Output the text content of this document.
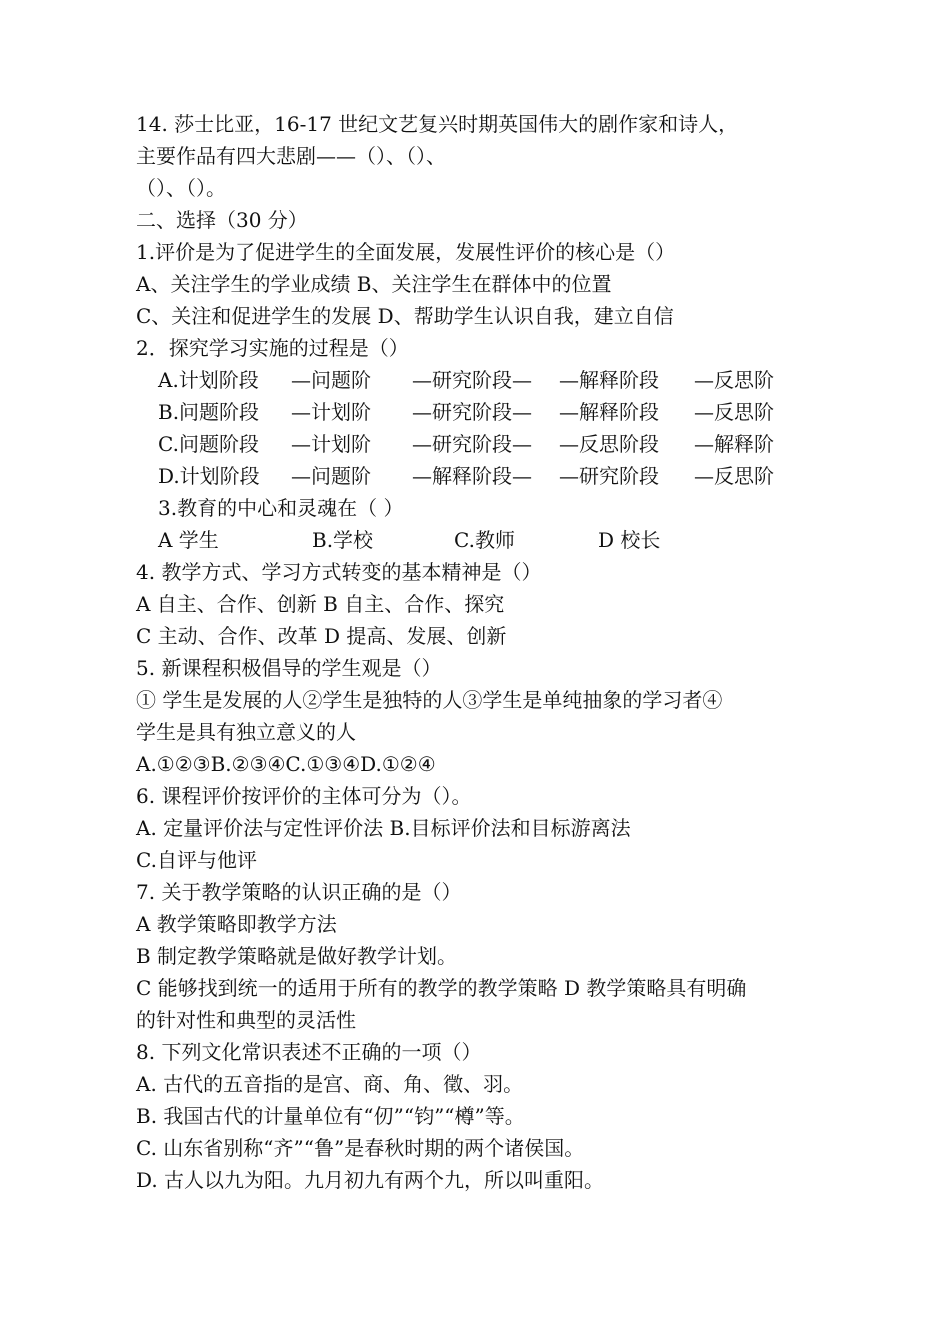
14. 莎士比亚，16-17 世纪文艺复兴时期英国伟大的剧作家和诗人，
主要作品有四大悲剧——（）、（）、
（）、（）。
二、选择（30 分）
1.评价是为了促进学生的全面发展，发展性评价的核心是（）
A、关注学生的学业成绩 B、关注学生在群体中的位置
C、关注和促进学生的发展 D、帮助学生认识自我，建立自信
2．探究学习实施的过程是（）
A.计划阶段 —问题阶 —研究阶段— —解释阶段 —反思阶
B.问题阶段 —计划阶 —研究阶段— —解释阶段 —反思阶
C.问题阶段 —计划阶 —研究阶段— —反思阶段 —解释阶
D.计划阶段 —问题阶 —解释阶段— —研究阶段 —反思阶
3.教育的中心和灵魂在（ ）
A 学生	B.学校	C.教师	D 校长
4. 教学方式、学习方式转变的基本精神是（）
A 自主、合作、创新 B 自主、合作、探究
C 主动、合作、改革 D 提高、发展、创新
5. 新课程积极倡导的学生观是（）
① 学生是发展的人②学生是独特的人③学生是单纯抽象的学习者④
学生是具有独立意义的人
A.①②③B.②③④C.①③④D.①②④
6. 课程评价按评价的主体可分为（）。
A. 定量评价法与定性评价法 B.目标评价法和目标游离法
C.自评与他评
7. 关于教学策略的认识正确的是（）
A 教学策略即教学方法
B 制定教学策略就是做好教学计划。
C 能够找到统一的适用于所有的教学的教学策略 D 教学策略具有明确
的针对性和典型的灵活性
8. 下列文化常识表述不正确的一项（）
A. 古代的五音指的是宫、商、角、徵、羽。
B. 我国古代的计量单位有“仞”“钧”“樽”等。
C. 山东省别称“齐”“鲁”是春秋时期的两个诸侯国。
D. 古人以九为阳。九月初九有两个九，所以叫重阳。
